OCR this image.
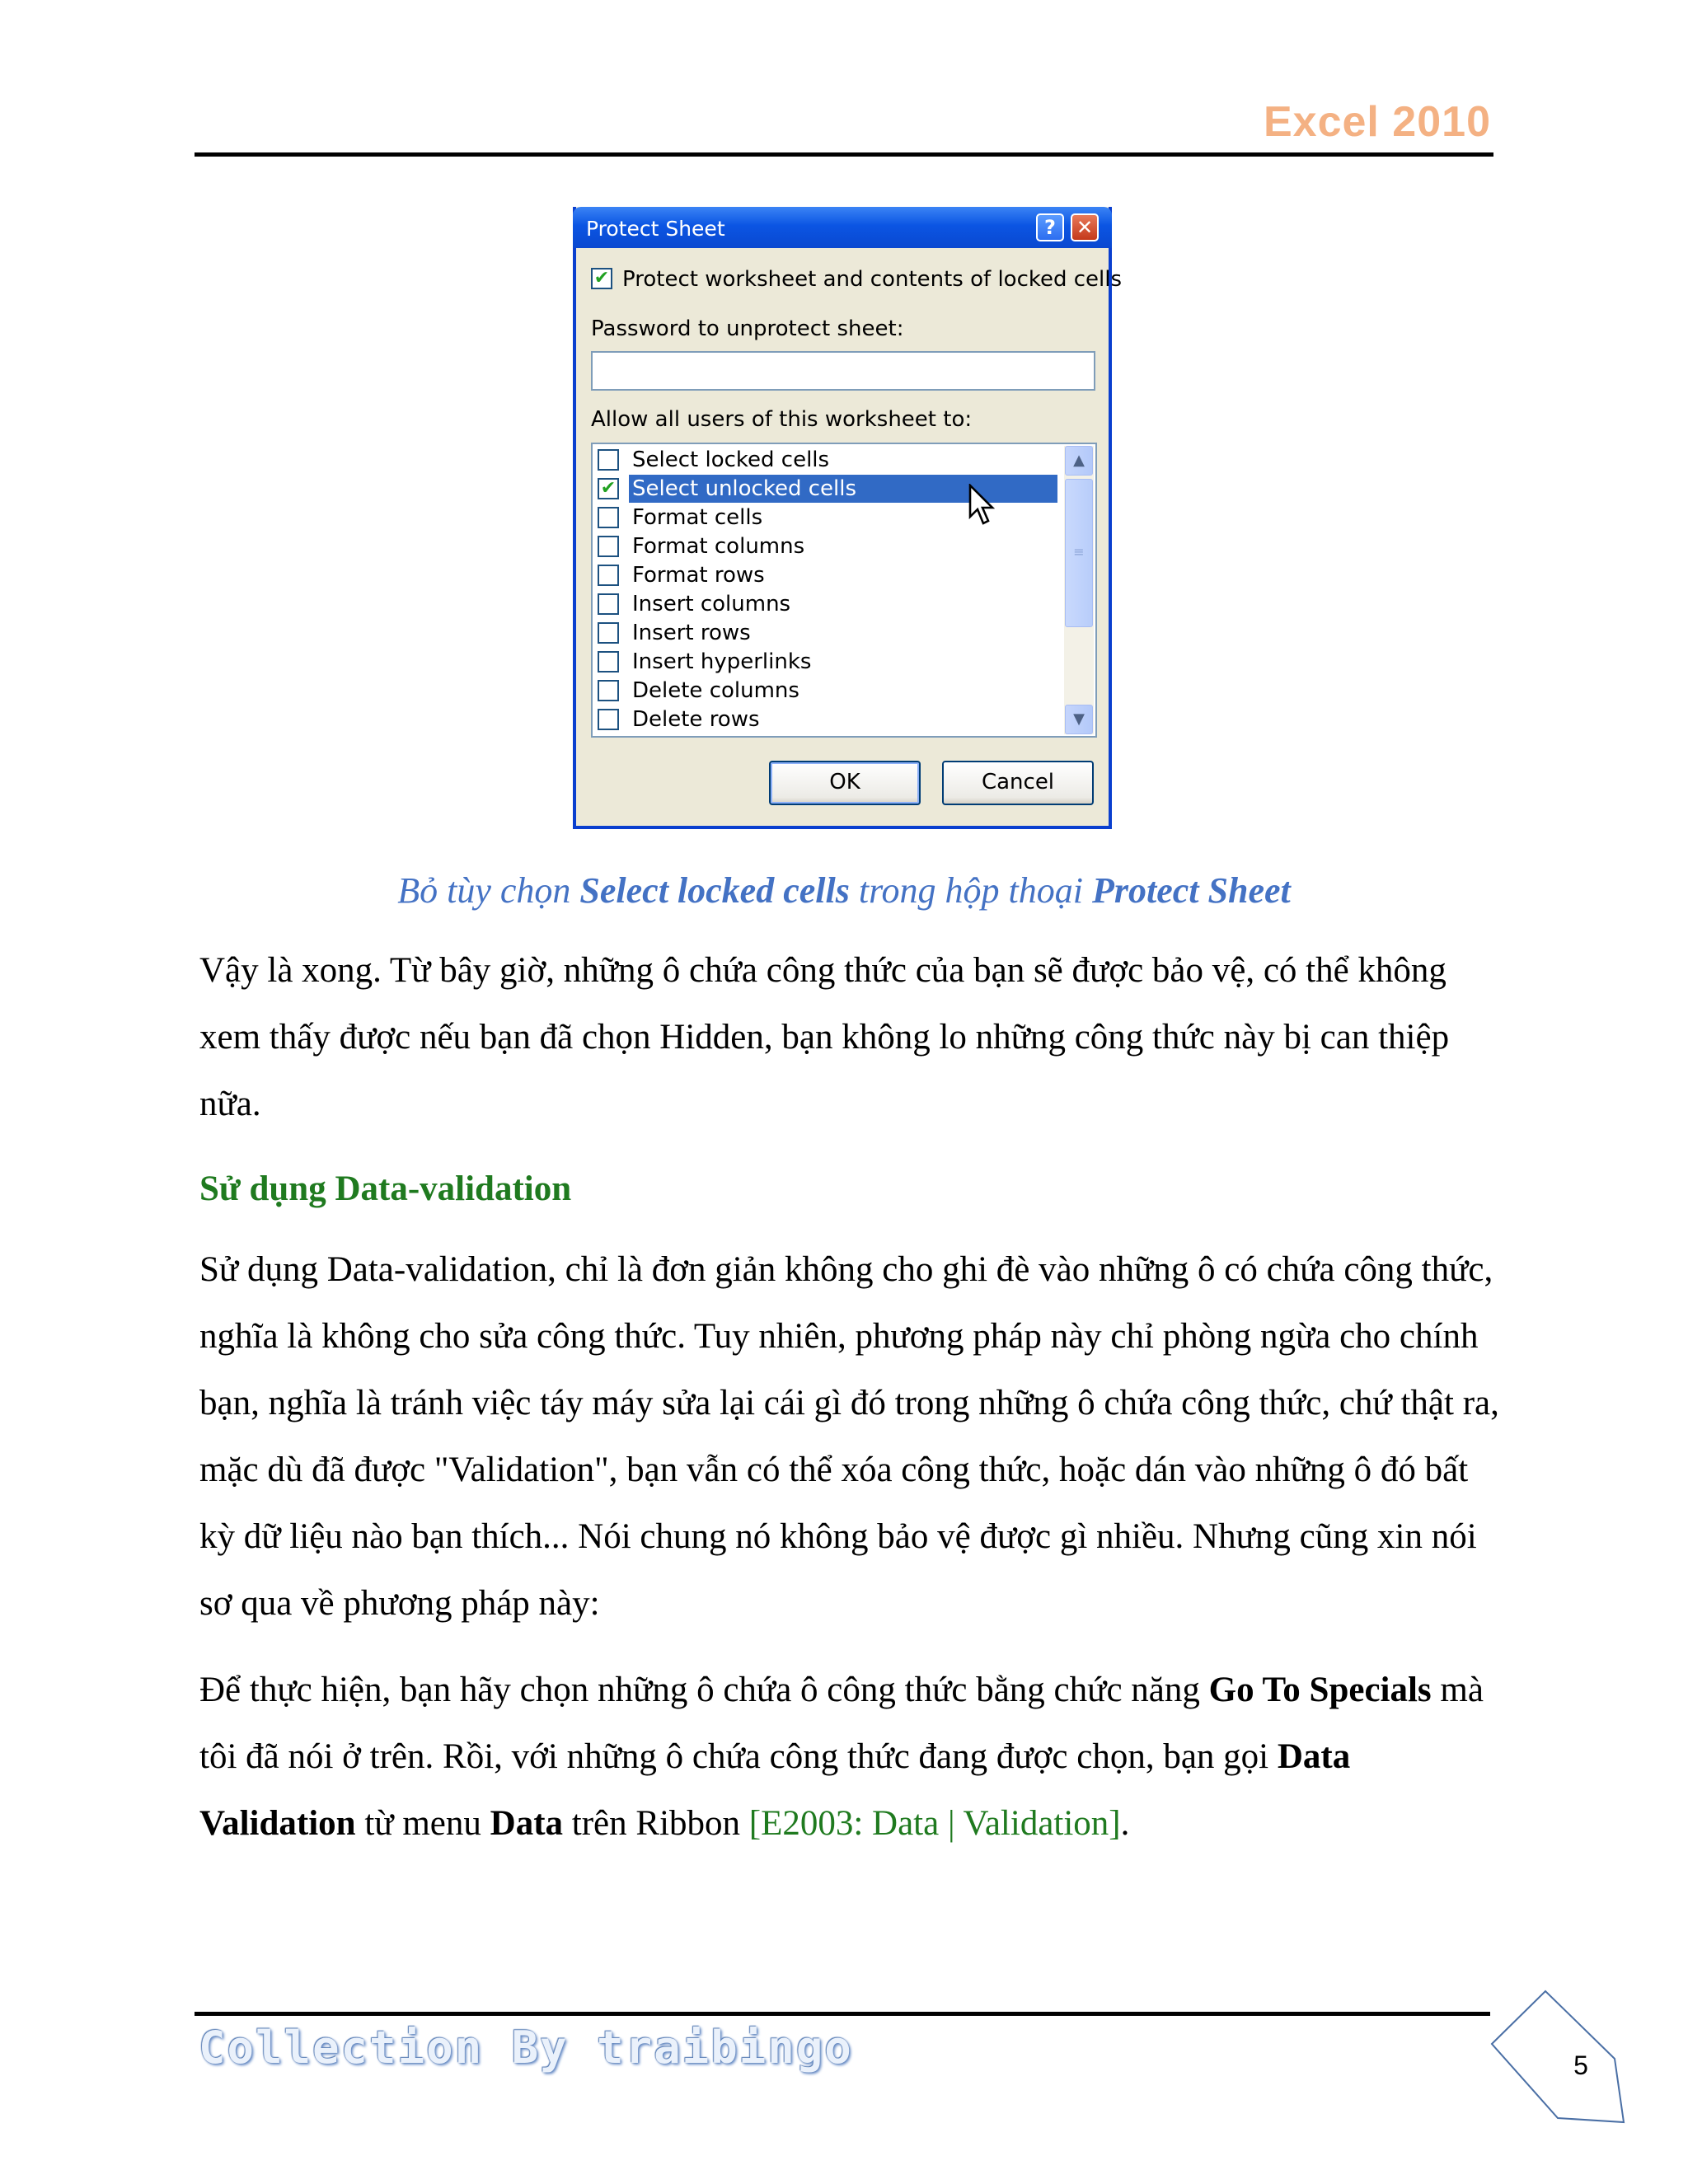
Excel 2010
Protect Sheet	?	✕
✔ Protect worksheet and contents of locked cells
Password to unprotect sheet:
Allow all users of this worksheet to:
Select locked cells
✔ Select unlocked cells
Format cells
Format columns
Format rows
Insert columns
Insert rows
Insert hyperlinks
Delete columns
Delete rows
▲
≡
▼
OK	Cancel
Bỏ tùy chọn Select locked cells trong hộp thoại Protect Sheet

Vậy là xong. Từ bây giờ, những ô chứa công thức của bạn sẽ được bảo vệ, có thể không xem thấy được nếu bạn đã chọn Hidden, bạn không lo những công thức này bị can thiệp nữa.

Sử dụng Data-validation

Sử dụng Data-validation, chỉ là đơn giản không cho ghi đè vào những ô có chứa công thức, nghĩa là không cho sửa công thức. Tuy nhiên, phương pháp này chỉ phòng ngừa cho chính bạn, nghĩa là tránh việc táy máy sửa lại cái gì đó trong những ô chứa công thức, chứ thật ra, mặc dù đã được "Validation", bạn vẫn có thể xóa công thức, hoặc dán vào những ô đó bất kỳ dữ liệu nào bạn thích... Nói chung nó không bảo vệ được gì nhiều. Nhưng cũng xin nói sơ qua về phương pháp này:

Để thực hiện, bạn hãy chọn những ô chứa ô công thức bằng chức năng Go To Specials mà tôi đã nói ở trên. Rồi, với những ô chứa công thức đang được chọn, bạn gọi Data Validation từ menu Data trên Ribbon [E2003: Data | Validation].

Collection By traibingo	5
